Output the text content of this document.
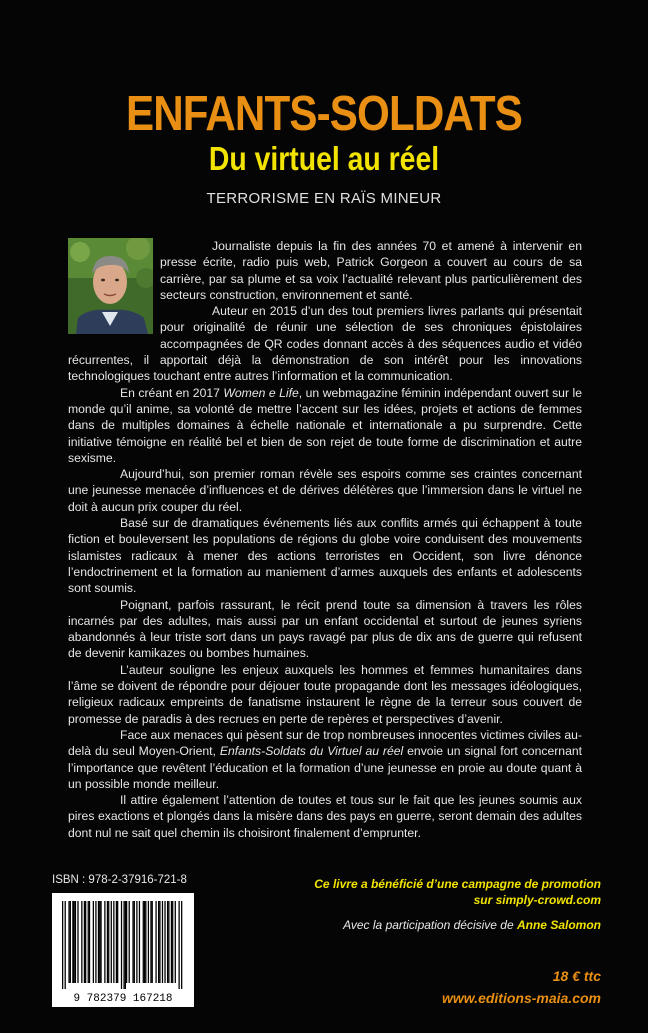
ENFANTS-SOLDATS
Du virtuel au réel
TERRORISME EN RAÏS MINEUR

Journaliste depuis la fin des années 70 et amené à intervenir en presse écrite, radio puis web, Patrick Gorgeon a couvert au cours de sa carrière, par sa plume et sa voix l’actualité relevant plus particulièrement des secteurs construction, environnement et santé.

Auteur en 2015 d’un des tout premiers livres parlants qui présentait pour originalité de réunir une sélection de ses chroniques épistolaires accompagnées de QR codes donnant accès à des séquences audio et vidéo récurrentes, il apportait déjà la démonstration de son intérêt pour les innovations technologiques touchant entre autres l’information et la communication.

En créant en 2017 Women e Life, un webmagazine féminin indépendant ouvert sur le monde qu’il anime, sa volonté de mettre l’accent sur les idées, projets et actions de femmes dans de multiples domaines à échelle nationale et internationale a pu surprendre. Cette initiative témoigne en réalité bel et bien de son rejet de toute forme de discrimination et autre sexisme.

Aujourd’hui, son premier roman révèle ses espoirs comme ses craintes concernant une jeunesse menacée d’influences et de dérives délétères que l’immersion dans le virtuel ne doit à aucun prix couper du réel.

Basé sur de dramatiques événements liés aux conflits armés qui échappent à toute fiction et bouleversent les populations de régions du globe voire conduisent des mouvements islamistes radicaux à mener des actions terroristes en Occident, son livre dénonce l’endoctrinement et la formation au maniement d’armes auxquels des enfants et adolescents sont soumis.

Poignant, parfois rassurant, le récit prend toute sa dimension à travers les rôles incarnés par des adultes, mais aussi par un enfant occidental et surtout de jeunes syriens abandonnés à leur triste sort dans un pays ravagé par plus de dix ans de guerre qui refusent de devenir kamikazes ou bombes humaines.

L’auteur souligne les enjeux auxquels les hommes et femmes humanitaires dans l’âme se doivent de répondre pour déjouer toute propagande dont les messages idéologiques, religieux radicaux empreints de fanatisme instaurent le règne de la terreur sous couvert de promesse de paradis à des recrues en perte de repères et perspectives d’avenir.

Face aux menaces qui pèsent sur de trop nombreuses innocentes victimes civiles au-delà du seul Moyen-Orient, Enfants-Soldats du Virtuel au réel envoie un signal fort concernant l’importance que revêtent l’éducation et la formation d’une jeunesse en proie au doute quant à un possible monde meilleur.

Il attire également l’attention de toutes et tous sur le fait que les jeunes soumis aux pires exactions et plongés dans la misère dans des pays en guerre, seront demain des adultes dont nul ne sait quel chemin ils choisiront finalement d’emprunter.

ISBN : 978-2-37916-721-8
9 782379 167218
Ce livre a bénéficié d’une campagne de promotion
sur simply-crowd.com
Avec la participation décisive de Anne Salomon
18 € ttc
www.editions-maia.com
